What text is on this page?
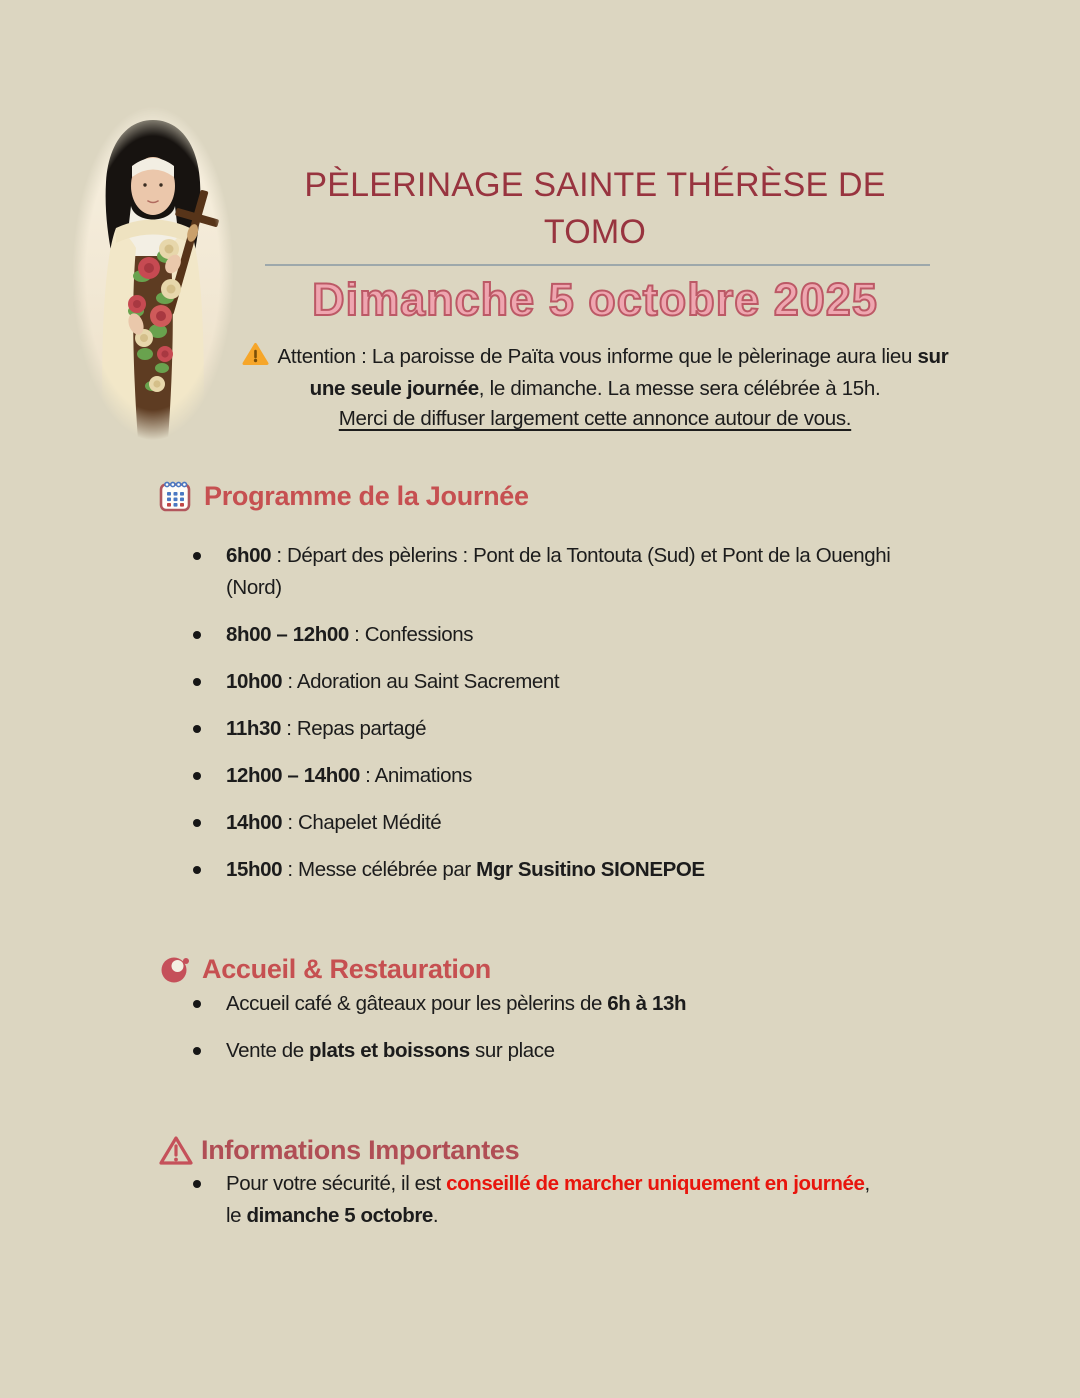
PÈLERINAGE SAINTE THÉRÈSE DE
TOMO
Dimanche 5 octobre 2025
Attention : La paroisse de Païta vous informe que le pèlerinage aura lieu sur
une seule journée, le dimanche. La messe sera célébrée à 15h.
Merci de diffuser largement cette annonce autour de vous.
Programme de la Journée
6h00 : Départ des pèlerins : Pont de la Tontouta (Sud) et Pont de la Ouenghi
(Nord)
8h00 – 12h00 : Confessions
10h00 : Adoration au Saint Sacrement
11h30 : Repas partagé
12h00 – 14h00 : Animations
14h00 : Chapelet Médité
15h00 : Messe célébrée par Mgr Susitino SIONEPOE
Accueil & Restauration
Accueil café & gâteaux pour les pèlerins de 6h à 13h
Vente de plats et boissons sur place
Informations Importantes
Pour votre sécurité, il est conseillé de marcher uniquement en journée,
le dimanche 5 octobre.
